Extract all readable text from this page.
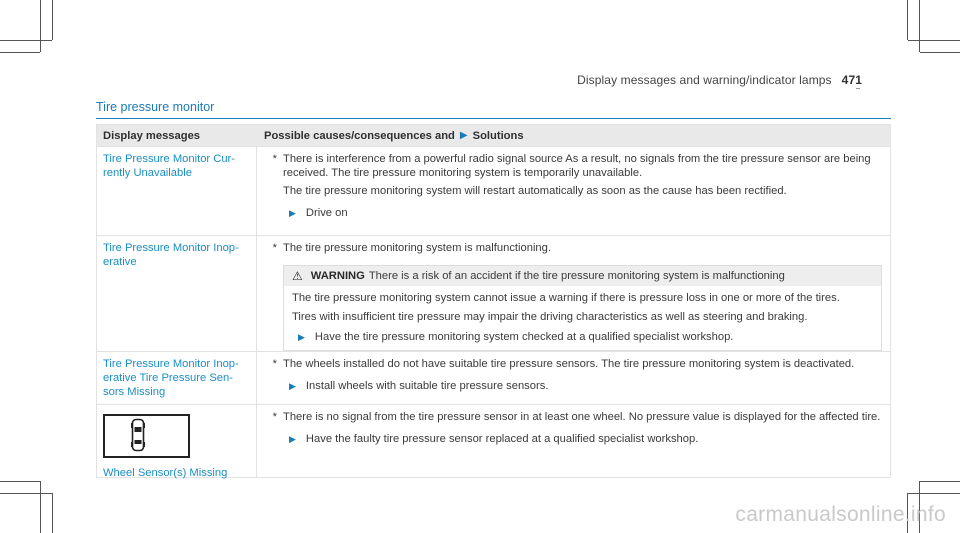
Display messages and warning/indicator lamps 471
Tire pressure monitor
Display messages	Possible causes/consequences and ▶ Solutions
Tire Pressure Monitor Cur-rently Unavailable
* There is interference from a powerful radio signal source As a result, no signals from the tire pressure sensor are being received. The tire pressure monitoring system is temporarily unavailable.
The tire pressure monitoring system will restart automatically as soon as the cause has been rectified.
▶ Drive on
Tire Pressure Monitor Inop-erative
* The tire pressure monitoring system is malfunctioning.
⚠ WARNING There is a risk of an accident if the tire pressure monitoring system is malfunctioning

The tire pressure monitoring system cannot issue a warning if there is pressure loss in one or more of the tires.

Tires with insufficient tire pressure may impair the driving characteristics as well as steering and braking.

▶ Have the tire pressure monitoring system checked at a qualified specialist workshop.
Tire Pressure Monitor Inop-erative Tire Pressure Sen-sors Missing
* The wheels installed do not have suitable tire pressure sensors. The tire pressure monitoring system is deactivated.
▶ Install wheels with suitable tire pressure sensors.
Wheel Sensor(s) Missing
* There is no signal from the tire pressure sensor in at least one wheel. No pressure value is displayed for the affected tire.
▶ Have the faulty tire pressure sensor replaced at a qualified specialist workshop.
carmanualsonline.info
